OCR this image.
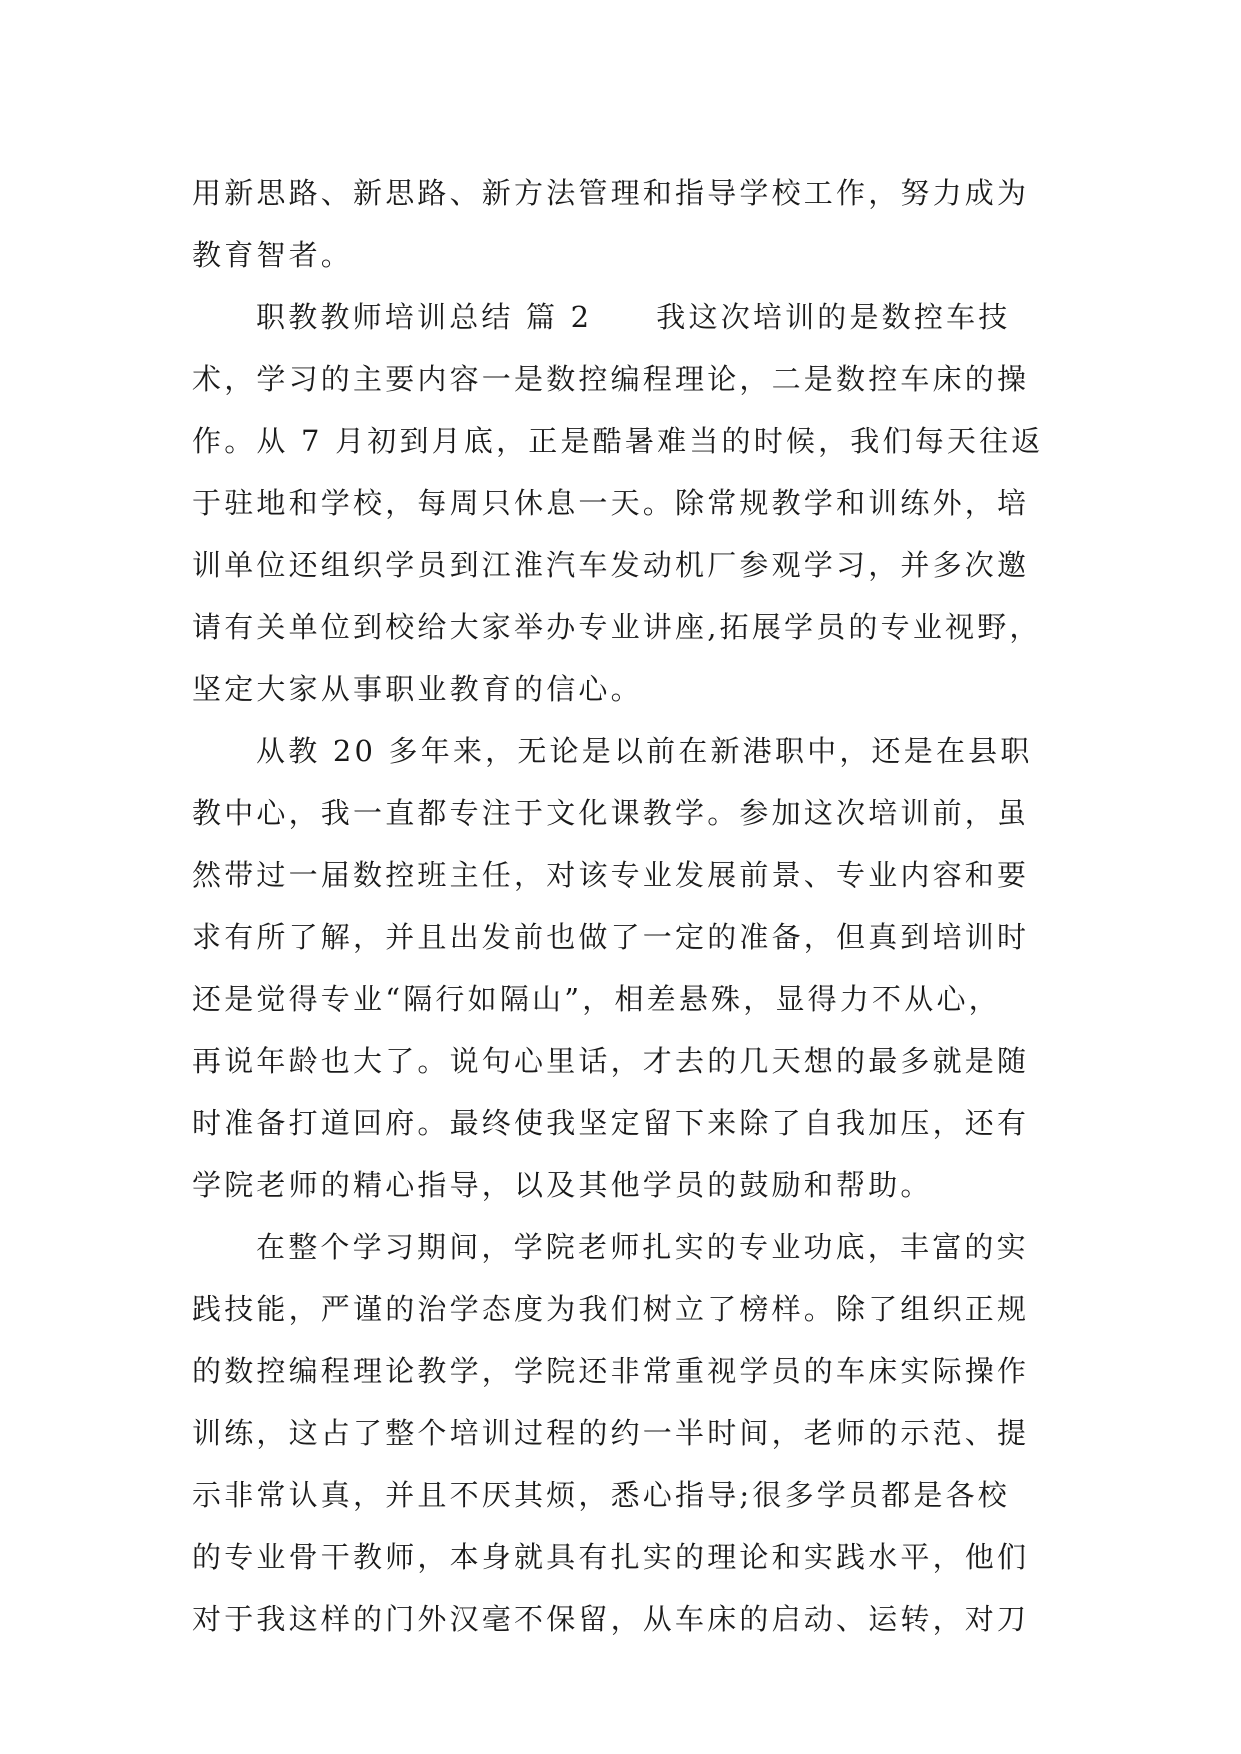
用新思路、新思路、新方法管理和指导学校工作，努力成为
教育智者。
职教教师培训总结 篇 2 我这次培训的是数控车技
术，学习的主要内容一是数控编程理论，二是数控车床的操
作。从 7 月初到月底，正是酷暑难当的时候，我们每天往返
于驻地和学校，每周只休息一天。除常规教学和训练外，培
训单位还组织学员到江淮汽车发动机厂参观学习，并多次邀
请有关单位到校给大家举办专业讲座,拓展学员的专业视野，
坚定大家从事职业教育的信心。
从教 20 多年来，无论是以前在新港职中，还是在县职
教中心，我一直都专注于文化课教学。参加这次培训前，虽
然带过一届数控班主任，对该专业发展前景、专业内容和要
求有所了解，并且出发前也做了一定的准备，但真到培训时
还是觉得专业“隔行如隔山”，相差悬殊，显得力不从心，
再说年龄也大了。说句心里话，才去的几天想的最多就是随
时准备打道回府。最终使我坚定留下来除了自我加压，还有
学院老师的精心指导，以及其他学员的鼓励和帮助。
在整个学习期间，学院老师扎实的专业功底，丰富的实
践技能，严谨的治学态度为我们树立了榜样。除了组织正规
的数控编程理论教学，学院还非常重视学员的车床实际操作
训练，这占了整个培训过程的约一半时间，老师的示范、提
示非常认真，并且不厌其烦，悉心指导;很多学员都是各校
的专业骨干教师，本身就具有扎实的理论和实践水平，他们
对于我这样的门外汉毫不保留，从车床的启动、运转，对刀
